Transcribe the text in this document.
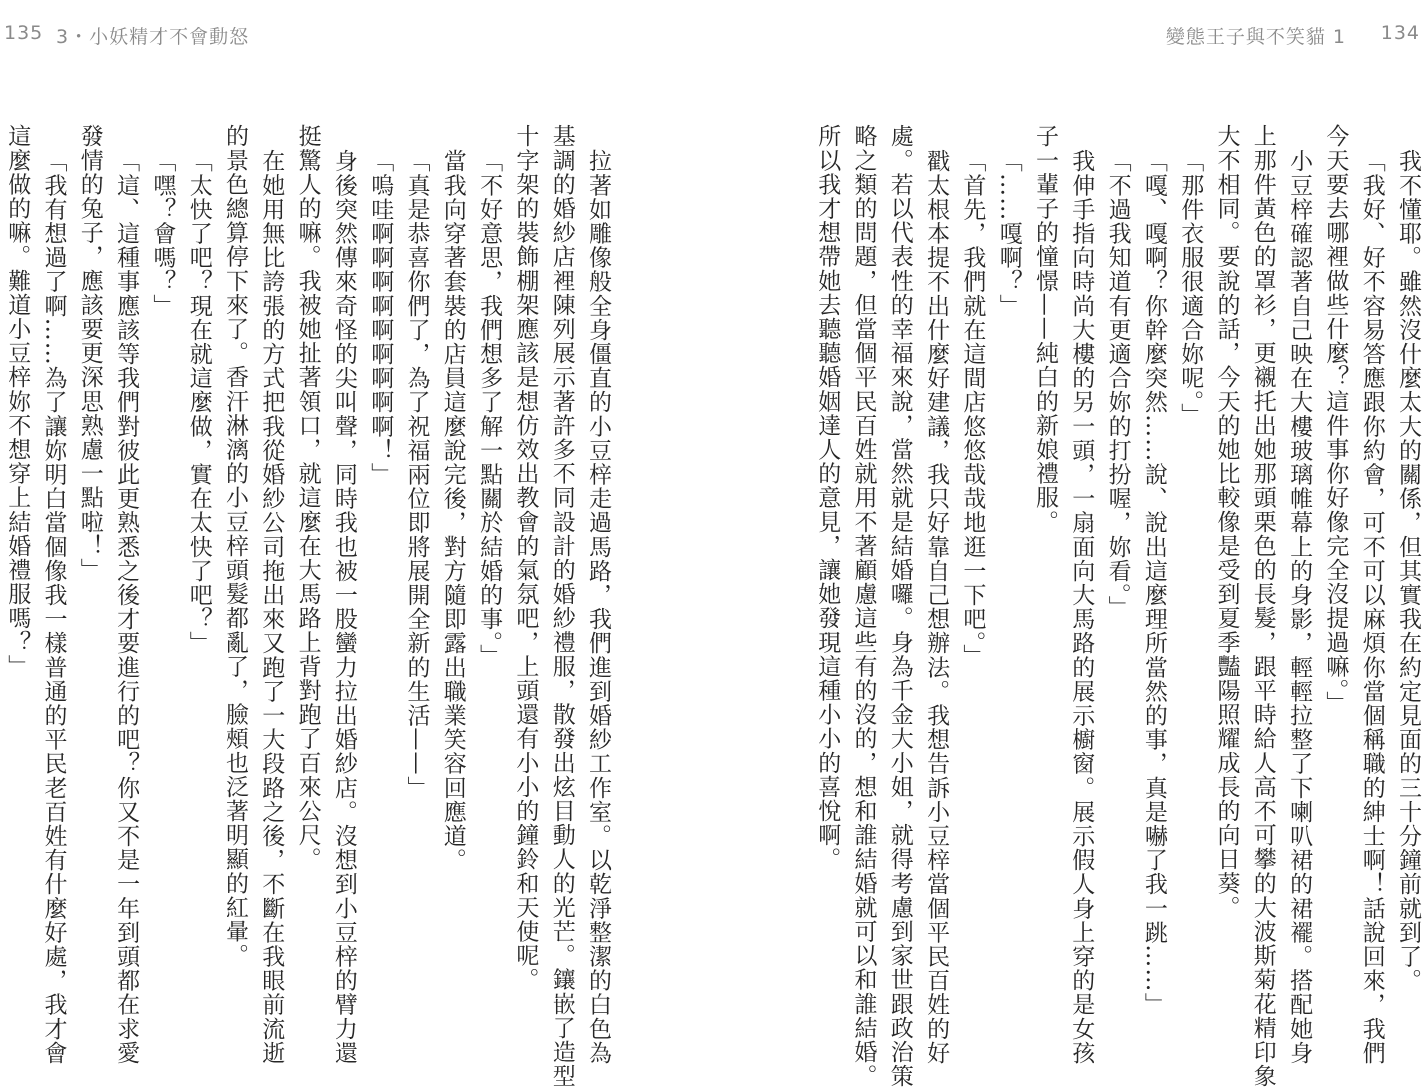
135 3・小妖精才不會動怒
拉著如雕像般全身僵直的小豆梓走過馬路，我們進到婚紗工作室。以乾淨整潔的白色為
基調的婚紗店裡陳列展示著許多不同設計的婚紗禮服，散發出炫目動人的光芒。鑲嵌了造型
十字架的裝飾棚架應該是想仿效出教會的氣氛吧，上頭還有小小的鐘鈴和天使呢。
「不好意思，我們想多了解一點關於結婚的事。」
當我向穿著套裝的店員這麼說完後，對方隨即露出職業笑容回應道。
「真是恭喜你們了，為了祝福兩位即將展開全新的生活——」
「嗚哇啊啊啊啊啊啊啊啊啊！」
身後突然傳來奇怪的尖叫聲，同時我也被一股蠻力拉出婚紗店。沒想到小豆梓的臂力還
挺驚人的嘛。我被她扯著領口，就這麼在大馬路上背對跑了百來公尺。
在她用無比誇張的方式把我從婚紗公司拖出來又跑了一大段路之後，不斷在我眼前流逝
的景色總算停下來了。香汗淋漓的小豆梓頭髮都亂了，臉頰也泛著明顯的紅暈。
「太快了吧？現在就這麼做，實在太快了吧？」
「嘿？會嗎？」
「這、這種事應該等我們對彼此更熟悉之後才要進行的吧？你又不是一年到頭都在求愛
發情的兔子，應該要更深思熟慮一點啦！」
「我有想過了啊……為了讓妳明白當個像我一樣普通的平民老百姓有什麼好處，我才會
這麼做的嘛。難道小豆梓妳不想穿上結婚禮服嗎？」
變態王子與不笑貓 1 134
我不懂耶。雖然沒什麼太大的關係，但其實我在約定見面的三十分鐘前就到了。
「我好、好不容易答應跟你約會，可不可以麻煩你當個稱職的紳士啊！話說回來，我們
今天要去哪裡做些什麼？這件事你好像完全沒提過嘛。」
小豆梓確認著自己映在大樓玻璃帷幕上的身影，輕輕拉整了下喇叭裙的裙襬。搭配她身
上那件黃色的罩衫，更襯托出她那頭栗色的長髮，跟平時給人高不可攀的大波斯菊花精印象
大不相同。要說的話，今天的她比較像是受到夏季豔陽照耀成長的向日葵。
「那件衣服很適合妳呢。」
「嘎、嘎啊？你幹麼突然……說、說出這麼理所當然的事，真是嚇了我一跳……」
「不過我知道有更適合妳的打扮喔，妳看。」
我伸手指向時尚大樓的另一頭，一扇面向大馬路的展示櫥窗。展示假人身上穿的是女孩
子一輩子的憧憬——純白的新娘禮服。
「……嘎啊？」
「首先，我們就在這間店悠悠哉哉地逛一下吧。」
戳太根本提不出什麼好建議，我只好靠自己想辦法。我想告訴小豆梓當個平民百姓的好
處。若以代表性的幸福來說，當然就是結婚囉。身為千金大小姐，就得考慮到家世跟政治策
略之類的問題，但當個平民百姓就用不著顧慮這些有的沒的，想和誰結婚就可以和誰結婚。
所以我才想帶她去聽聽婚姻達人的意見，讓她發現這種小小的喜悅啊。
